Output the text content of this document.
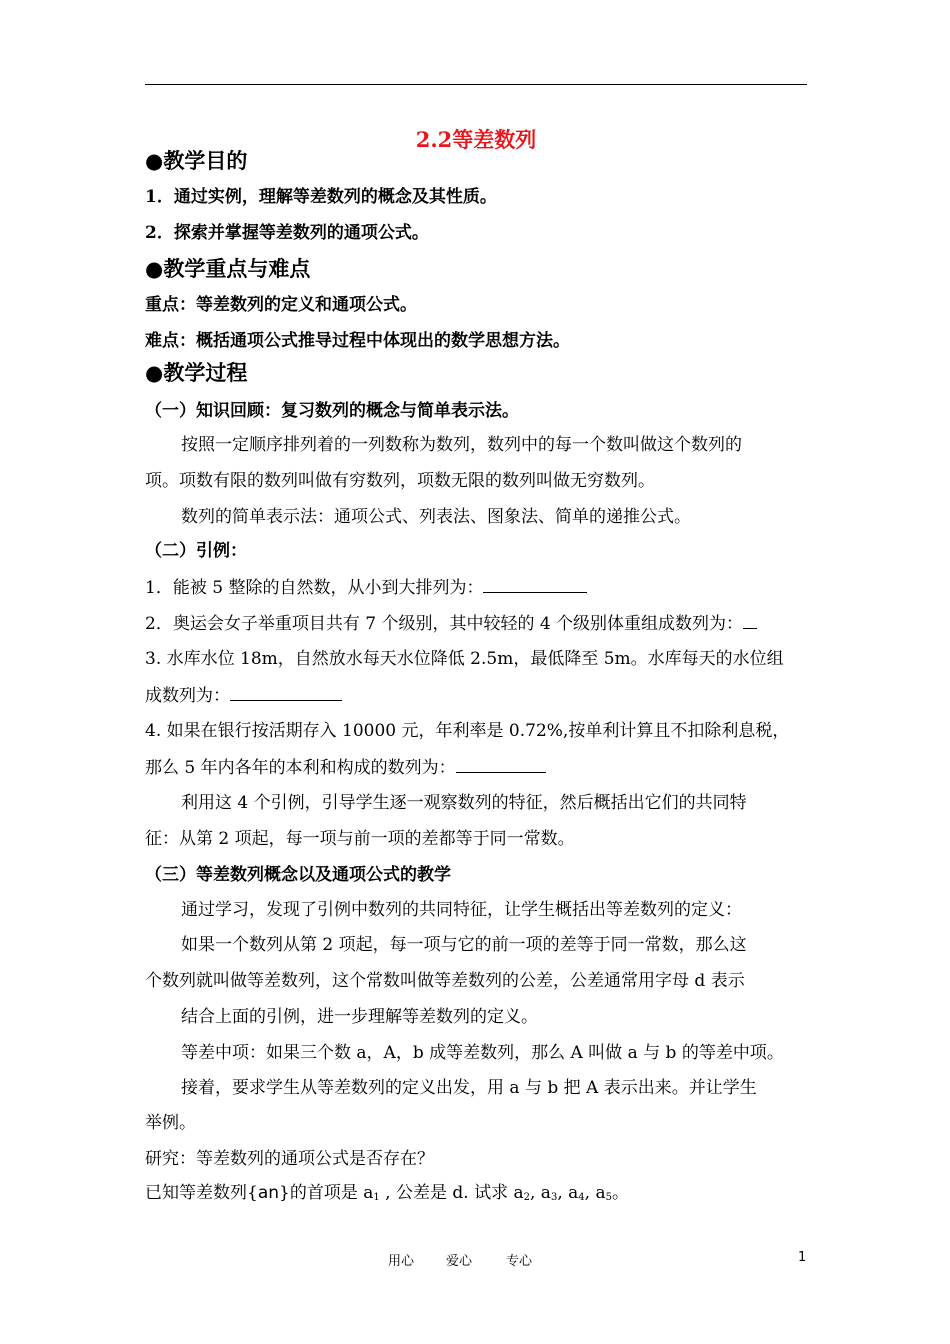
2.2等差数列
●教学目的
1．通过实例，理解等差数列的概念及其性质。
2．探索并掌握等差数列的通项公式。
●教学重点与难点
重点：等差数列的定义和通项公式。
难点：概括通项公式推导过程中体现出的数学思想方法。
●教学过程
（一）知识回顾：复习数列的概念与简单表示法。
按照一定顺序排列着的一列数称为数列，数列中的每一个数叫做这个数列的
项。项数有限的数列叫做有穷数列，项数无限的数列叫做无穷数列。
数列的简单表示法：通项公式、列表法、图象法、简单的递推公式。
（二）引例：
1．能被 5 整除的自然数，从小到大排列为：
2．奥运会女子举重项目共有 7 个级别，其中较轻的 4 个级别体重组成数列为：
3. 水库水位 18m，自然放水每天水位降低 2.5m，最低降至 5m。水库每天的水位组
成数列为：
4. 如果在银行按活期存入 10000 元，年利率是 0.72%,按单利计算且不扣除利息税，
那么 5 年内各年的本利和构成的数列为：
利用这 4 个引例，引导学生逐一观察数列的特征，然后概括出它们的共同特
征：从第 2 项起，每一项与前一项的差都等于同一常数。
（三）等差数列概念以及通项公式的教学
通过学习，发现了引例中数列的共同特征，让学生概括出等差数列的定义：
如果一个数列从第 2 项起，每一项与它的前一项的差等于同一常数，那么这
个数列就叫做等差数列，这个常数叫做等差数列的公差，公差通常用字母 d 表示
结合上面的引例，进一步理解等差数列的定义。
等差中项：如果三个数 a，A，b 成等差数列，那么 A 叫做 a 与 b 的等差中项。
接着，要求学生从等差数列的定义出发，用 a 与 b 把 A 表示出来。并让学生
举例。
研究：等差数列的通项公式是否存在？
已知等差数列{an}的首项是 $a_1$ , 公差是 d. 试求 $a_2$, $a_3$, $a_4$, $a_5$。
用心 爱心	专心	1
